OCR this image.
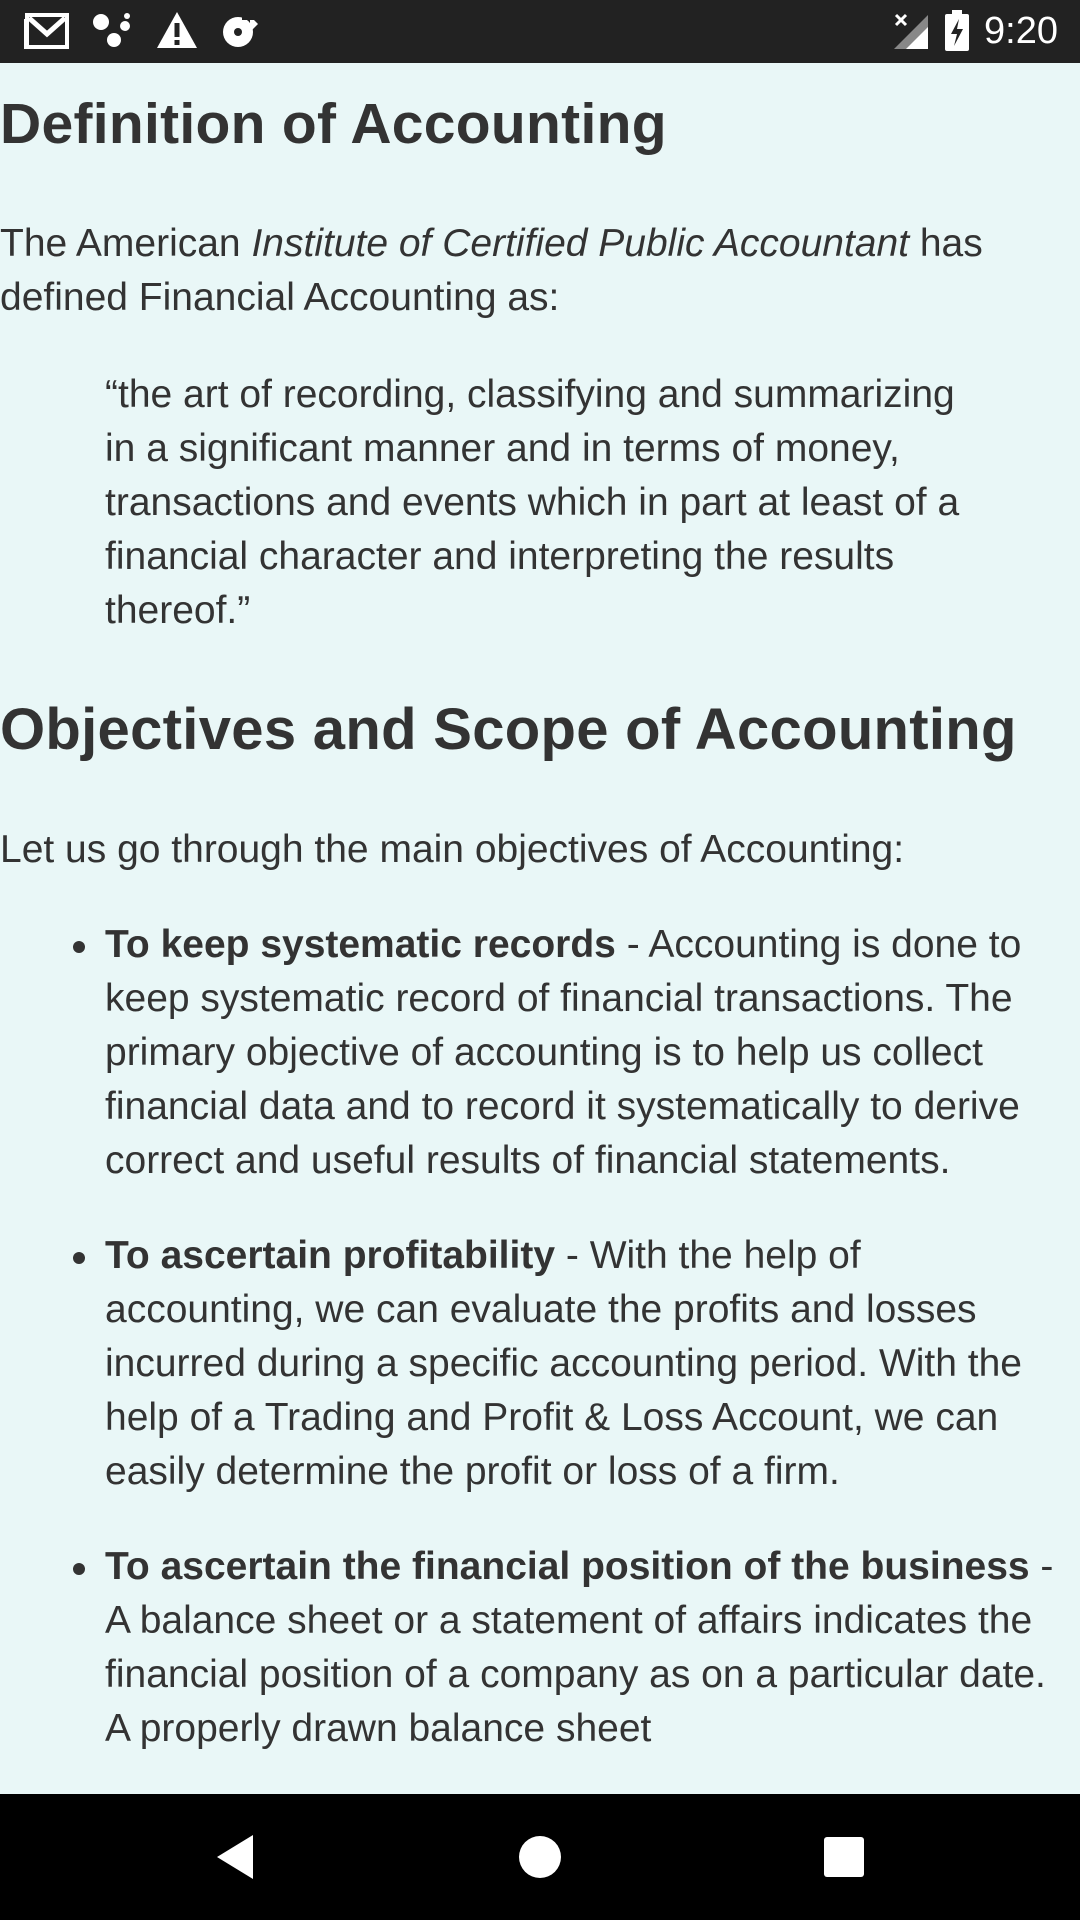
9:20
Definition of Accounting

The American Institute of Certified Public Accountant has defined Financial Accounting as:

“the art of recording, classifying and summarizing in a significant manner and in terms of money, transactions and events which in part at least of a financial character and interpreting the results thereof.”
Objectives and Scope of Accounting

Let us go through the main objectives of Accounting:

To keep systematic records - Accounting is done to keep systematic record of financial transactions. The primary objective of accounting is to help us collect financial data and to record it systematically to derive correct and useful results of financial statements.
To ascertain profitability - With the help of accounting, we can evaluate the profits and losses incurred during a specific accounting period. With the help of a Trading and Profit & Loss Account, we can easily determine the profit or loss of a firm.
To ascertain the financial position of the business - A balance sheet or a statement of affairs indicates the financial position of a company as on a particular date. A properly drawn balance sheet
